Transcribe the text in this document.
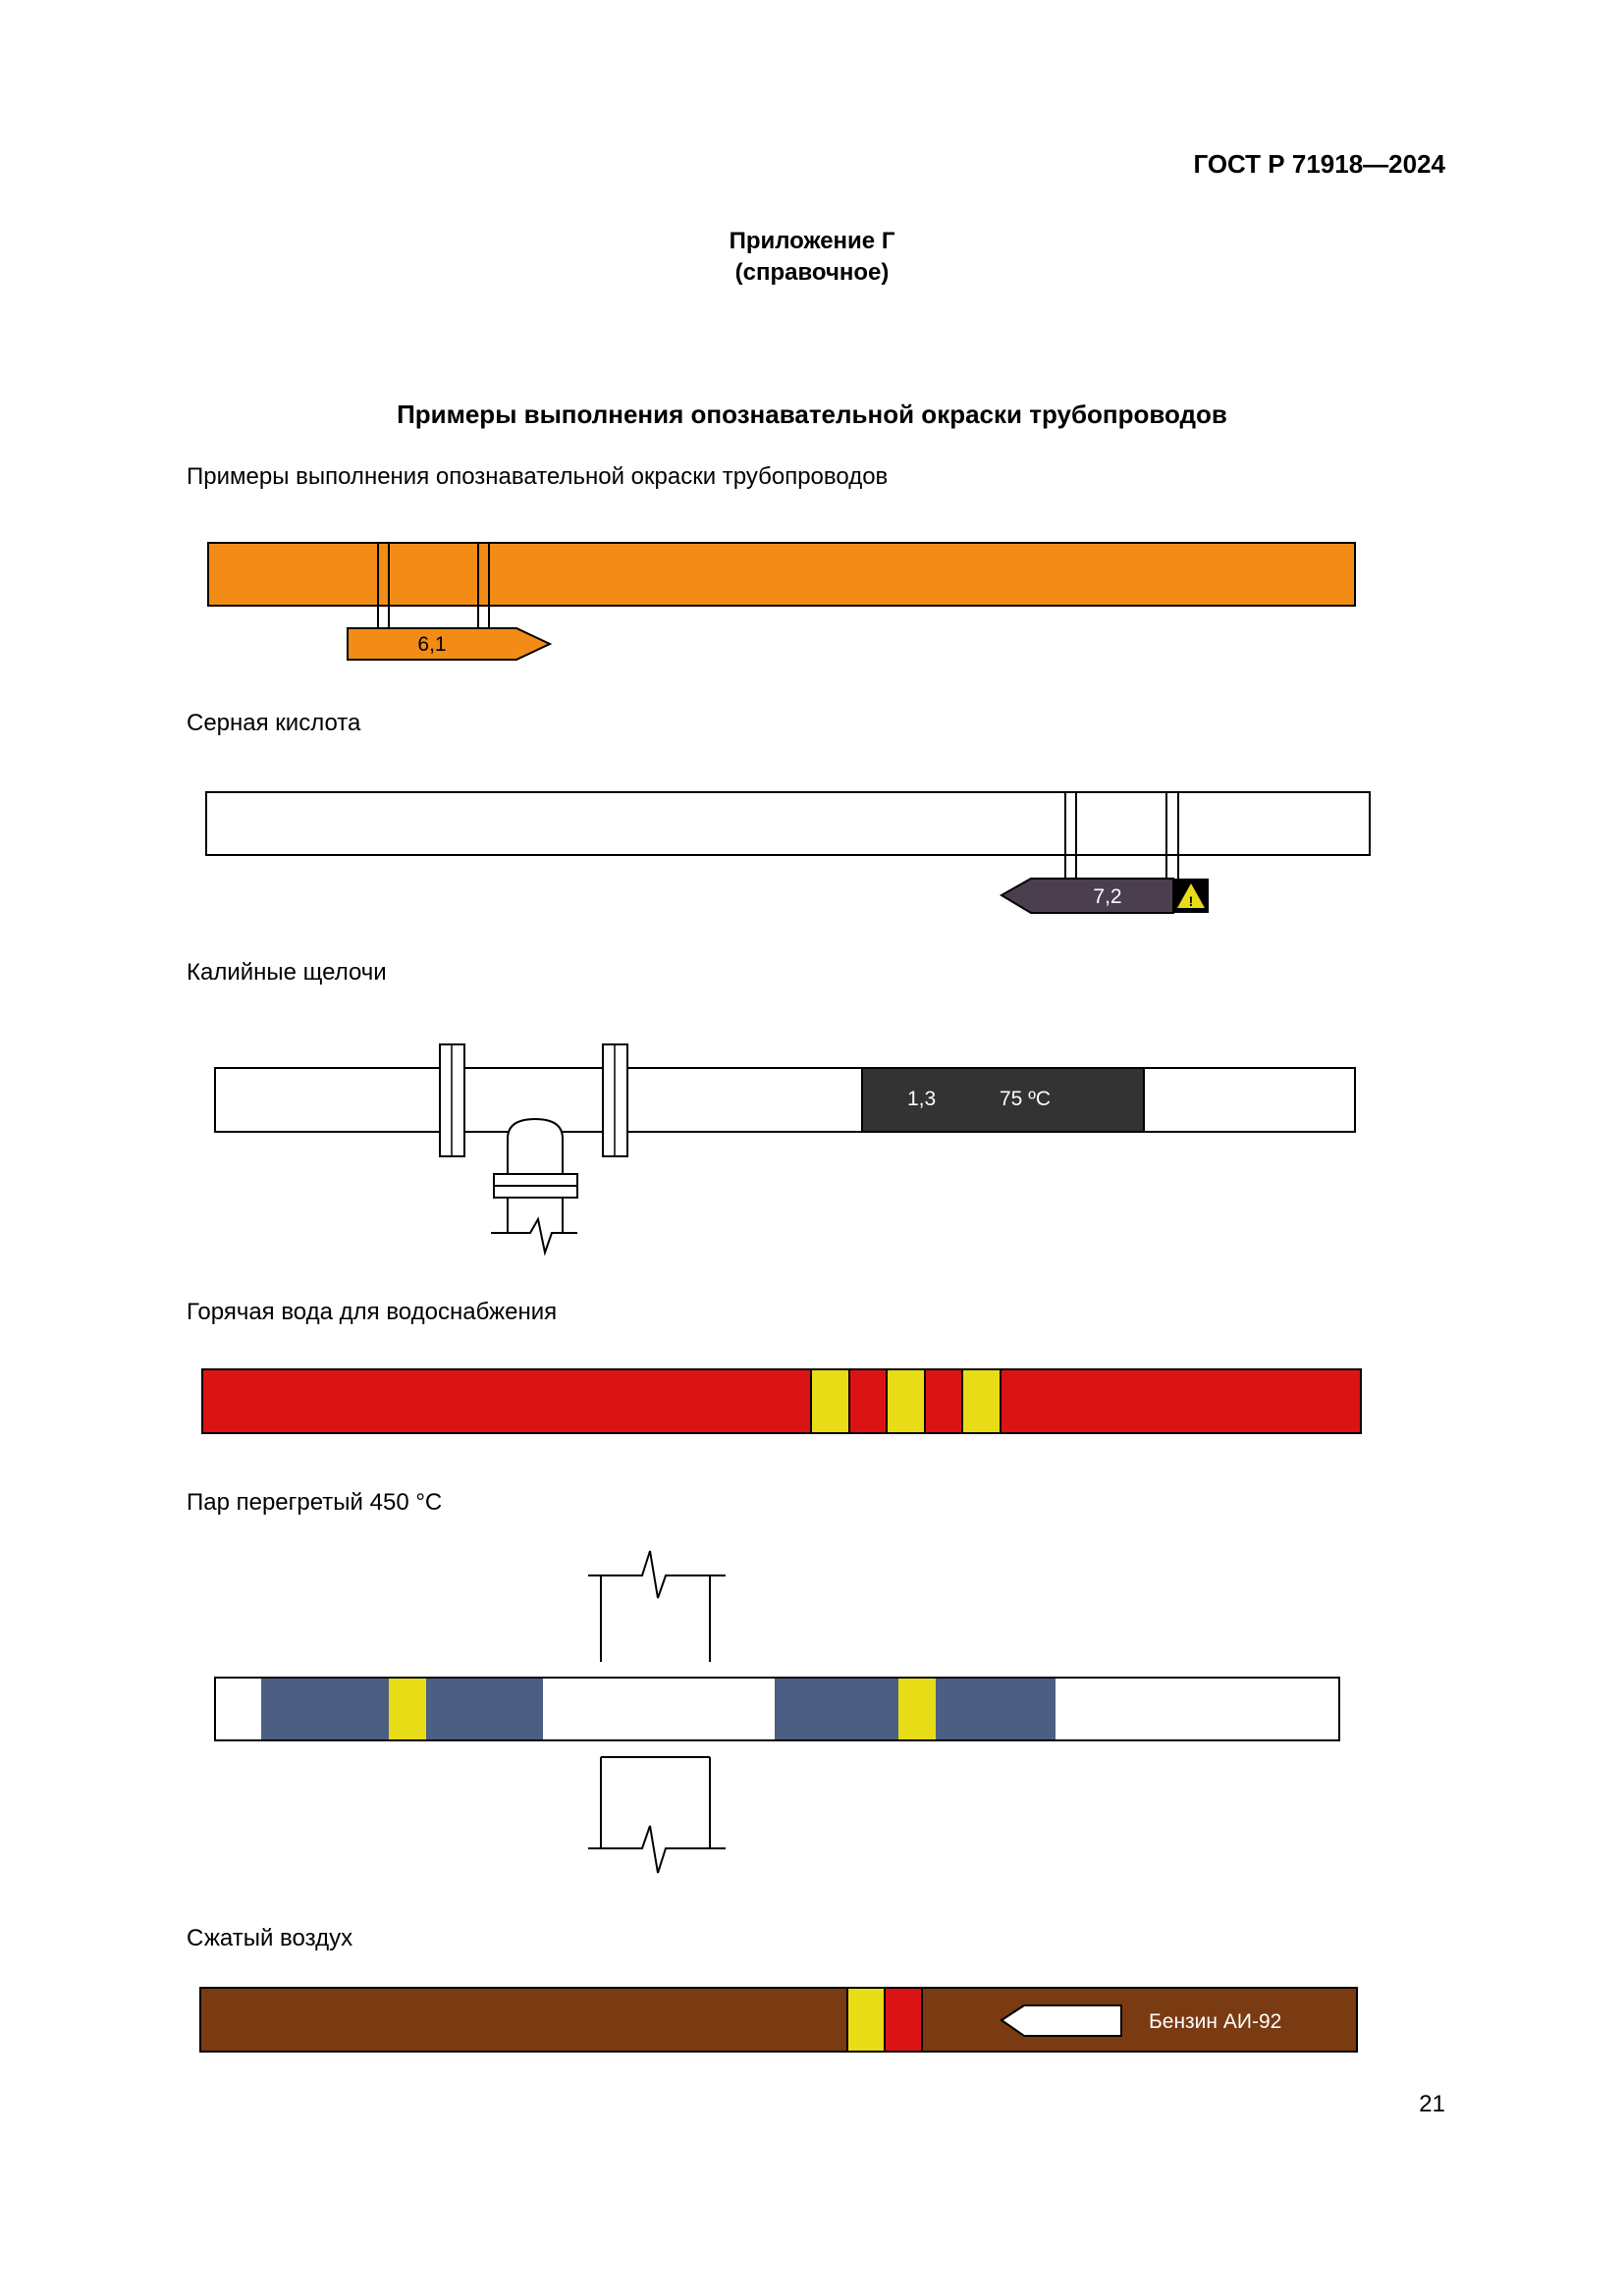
ГОСТ Р 71918—2024
Приложение Г
(справочное)
Примеры выполнения опознавательной окраски трубопроводов
Примеры выполнения опознавательной окраски трубопроводов
Серная кислота
Калийные щелочи
Горячая вода для водоснабжения
Пар перегретый 450 °C
Сжатый воздух
21
6,1
7,2	!
1,3	75 ºC
Бензин АИ-92
